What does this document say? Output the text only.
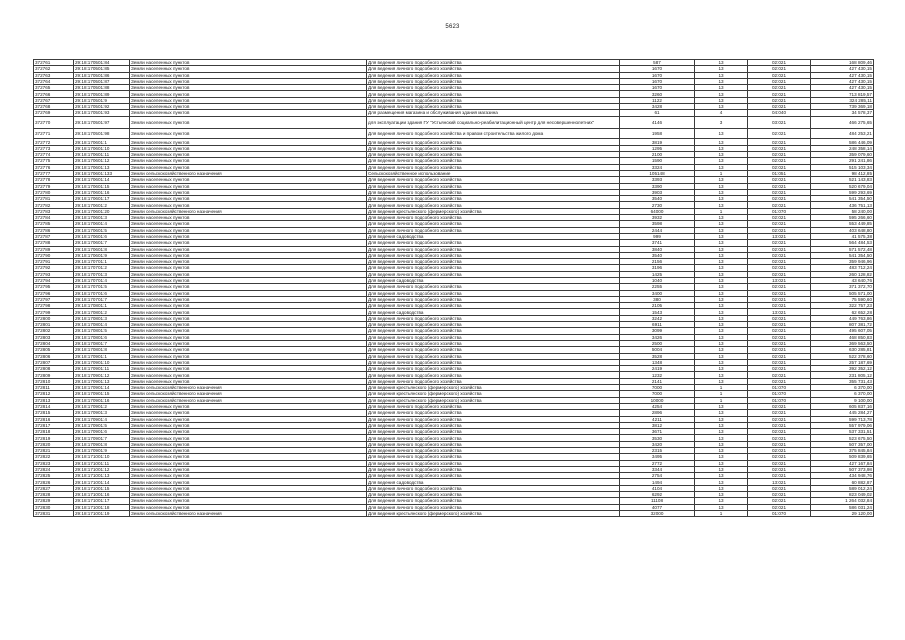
5623
372761	29:18:170501:84	Земли населенных пунктов	Для ведения личного подсобного хозяйства	587	13	02:021	168 809,46
372762	29:18:170501:85	Земли населенных пунктов	Для ведения личного подсобного хозяйства	1670	13	02:021	427 430,15
372763	29:18:170501:86	Земли населенных пунктов	Для ведения личного подсобного хозяйства	1670	13	02:021	427 430,15
372764	29:18:170501:87	Земли населенных пунктов	Для ведения личного подсобного хозяйства	1670	13	02:021	427 430,15
372765	29:18:170501:88	Земли населенных пунктов	Для ведения личного подсобного хозяйства	1670	13	02:021	427 430,15
372766	29:18:170501:89	Земли населенных пунктов	Для ведения личного подсобного хозяйства	3260	13	02:021	713 819,57
372767	29:18:170501:9	Земли населенных пунктов	Для ведения личного подсобного хозяйства	1122	13	02:021	324 285,11
372768	29:18:170501:92	Земли населенных пунктов	Для ведения личного подсобного хозяйства	3428	13	02:021	739 369,18
372769	29:18:170501:93	Земли населенных пунктов	Для размещения магазина и обслуживания здания магазина	61	4	04:040	34 578,37
372770	29:18:170501:97	Земли населенных пунктов	для эксплуатации здания ГУ "Устьянский социально-реабилитационный центр для несовершеннолетних"	4146	3	03:021	466 275,65
372771	29:18:170501:98	Земли населенных пунктов	Для ведения личного подсобного хозяйства и правом строительства жилого дома	1958	13	02:021	484 253,21
372772	29:18:170601:1	Земли населенных пунктов	Для ведения личного подсобного хозяйства	3819	13	02:021	586 446,09
372773	29:18:170601:10	Земли населенных пунктов	Для ведения личного подсобного хозяйства	1295	13	02:021	248 358,14
372774	29:18:170601:11	Земли населенных пунктов	Для ведения личного подсобного хозяйства	2100	13	02:021	359 079,60
372775	29:18:170601:12	Земли населенных пунктов	Для ведения личного подсобного хозяйства	1590	13	02:021	291 241,86
372776	29:18:170601:13	Земли населенных пунктов	Для ведения личного подсобного хозяйства	3324	13	02:021	515 103,34
372777	29:18:170601:133	Земли сельскохозяйственного назначения	Сельскохозяйственное использование	105148	1	01:051	98 412,85
372778	29:18:170601:14	Земли населенных пунктов	Для ведения личного подсобного хозяйства	3393	13	02:021	521 143,83
372779	29:18:170601:15	Земли населенных пунктов	Для ведения личного подсобного хозяйства	3390	13	02:021	520 679,04
372780	29:18:170601:16	Земли населенных пунктов	Для ведения личного подсобного хозяйства	3903	13	02:021	599 293,69
372781	29:18:170601:17	Земли населенных пунктов	Для ведения личного подсобного хозяйства	3540	13	02:021	541 354,50
372782	29:18:170601:2	Земли населенных пунктов	Для ведения личного подсобного хозяйства	2730	13	02:021	436 751,13
372783	29:18:170601:20	Земли сельскохозяйственного назначения	Для ведения крестьянского (фермерского) хозяйства	64000	1	01:070	58 240,00
372784	29:18:170601:3	Земли населенных пунктов	Для ведения личного подсобного хозяйства	3932	13	02:021	595 266,60
372785	29:18:170601:4	Земли населенных пунктов	Для ведения личного подсобного хозяйства	3598	13	02:021	553 449,85
372786	29:18:170601:5	Земли населенных пунктов	Для ведения личного подсобного хозяйства	2444	13	02:021	403 648,80
372787	29:18:170601:6	Земли населенных пунктов	Для ведения садоводства	999	13	13:021	41 575,38
372788	29:18:170601:7	Земли населенных пунктов	Для ведения личного подсобного хозяйства	3741	13	02:021	564 484,53
372789	29:18:170601:8	Земли населенных пунктов	Для ведения личного подсобного хозяйства	3840	13	02:021	571 572,48
372790	29:18:170601:9	Земли населенных пунктов	Для ведения личного подсобного хозяйства	3540	13	02:021	541 354,50
372791	29:18:170701:1	Земли населенных пунктов	Для ведения личного подсобного хозяйства	2156	13	02:021	359 946,96
372792	29:18:170701:2	Земли населенных пунктов	Для ведения личного подсобного хозяйства	3196	13	02:021	483 712,24
372793	29:18:170701:3	Земли населенных пунктов	Для ведения личного подсобного хозяйства	1425	13	02:021	260 128,82
372794	29:18:170701:4	Земли населенных пунктов	Для ведения садоводства	1040	13	13:021	43 640,76
372795	29:18:170701:5	Земли населенных пунктов	Для ведения личного подсобного хозяйства	2255	13	02:021	371 372,70
372796	29:18:170701:6	Земли населенных пунктов	Для ведения личного подсобного хозяйства	3400	13	02:021	505 571,00
372797	29:18:170701:7	Земли населенных пунктов	Для ведения личного подсобного хозяйства	380	13	02:021	75 590,60
372798	29:18:170801:1	Земли населенных пунктов	Для ведения личного подсобного хозяйства	2105	13	02:021	322 757,23
372799	29:18:170801:2	Земли населенных пунктов	Для ведения садоводства	1543	13	13:021	62 652,28
372800	29:18:170801:3	Земли населенных пунктов	Для ведения личного подсобного хозяйства	3242	13	02:021	449 763,86
372801	29:18:170801:4	Земли населенных пунктов	Для ведения личного подсобного хозяйства	6911	13	02:021	807 381,72
372802	29:18:170801:5	Земли населенных пунктов	Для ведения личного подсобного хозяйства	3099	13	02:021	495 607,05
372803	29:18:170801:6	Земли населенных пунктов	Для ведения личного подсобного хозяйства	3426	13	02:021	468 850,83
372804	29:18:170801:7	Земли населенных пунктов	Для ведения личного подсобного хозяйства	2500	13	02:021	369 563,50
372805	29:18:170801:8	Земли населенных пунктов	Для ведения личного подсобного хозяйства	5004	13	02:021	630 285,81
372806	29:18:170901:1	Земли населенных пунктов	Для ведения личного подсобного хозяйства	3528	13	02:021	522 378,60
372807	29:18:170901:10	Земли населенных пунктов	Для ведения личного подсобного хозяйства	1348	13	02:021	257 187,69
372808	29:18:170901:11	Земли населенных пунктов	Для ведения личного подсобного хозяйства	2419	13	02:021	392 352,12
372809	29:18:170901:12	Земли населенных пунктов	Для ведения личного подсобного хозяйства	1232	13	02:021	231 805,12
372810	29:18:170901:13	Земли населенных пунктов	Для ведения личного подсобного хозяйства	2141	13	02:021	355 731,43
372811	29:18:170901:14	Земли сельскохозяйственного назначения	Для ведения крестьянского (фермерского) хозяйства	7000	1	01:070	6 370,00
372812	29:18:170901:15	Земли сельскохозяйственного назначения	Для ведения крестьянского (фермерского) хозяйства	7000	1	01:070	6 370,00
372813	29:18:170901:16	Земли сельскохозяйственного назначения	Для ведения крестьянского (фермерского) хозяйства	10000	1	01:070	9 100,00
372814	29:18:170901:2	Земли населенных пунктов	Для ведения личного подсобного хозяйства	4254	13	02:021	605 837,16
372815	29:18:170901:3	Земли населенных пунктов	Для ведения личного подсобного хозяйства	2896	13	02:021	445 284,27
372816	29:18:170901:4	Земли населенных пунктов	Для ведения личного подсобного хозяйства	4211	13	02:021	599 713,78
372817	29:18:170901:5	Земли населенных пунктов	Для ведения личного подсобного хозяйства	3812	13	02:021	557 979,06
372818	29:18:170901:6	Земли населенных пунктов	Для ведения личного подсобного хозяйства	3671	13	02:021	537 331,51
372819	29:18:170901:7	Земли населенных пунктов	Для ведения личного подсобного хозяйства	3530	13	02:021	523 675,50
372820	29:18:170901:8	Земли населенных пунктов	Для ведения личного подсобного хозяйства	3420	13	02:021	507 357,00
372821	29:18:170901:9	Земли населенных пунктов	Для ведения личного подсобного хозяйства	2315	13	02:021	375 845,84
372822	29:18:171001:10	Земли населенных пунктов	Для ведения личного подсобного хозяйства	3495	13	02:021	509 839,65
372823	29:18:171001:11	Земли населенных пунктов	Для ведения личного подсобного хозяйства	2772	13	02:021	427 167,84
372824	29:18:171001:12	Земли населенных пунктов	Для ведения личного подсобного хозяйства	3344	13	02:021	507 373,98
372825	29:18:171001:13	Земли населенных пунктов	Для ведения личного подсобного хозяйства	2754	13	02:021	434 948,76
372826	29:18:171001:14	Земли населенных пунктов	Для ведения садоводства	1494	13	13:021	60 882,87
372827	29:18:171001:15	Земли населенных пунктов	Для ведения личного подсобного хозяйства	4104	13	02:021	589 012,24
372828	29:18:171001:16	Земли населенных пунктов	Для ведения личного подсобного хозяйства	6292	13	02:021	823 049,02
372829	29:18:171001:17	Земли населенных пунктов	Для ведения личного подсобного хозяйства	11108	13	02:021	1 264 032,84
372830	29:18:171001:18	Земли населенных пунктов	Для ведения личного подсобного хозяйства	4077	13	02:021	586 031,24
372831	29:18:171001:19	Земли сельскохозяйственного назначения	Для ведения крестьянского (фермерского) хозяйства	32000	1	01:070	29 120,00
